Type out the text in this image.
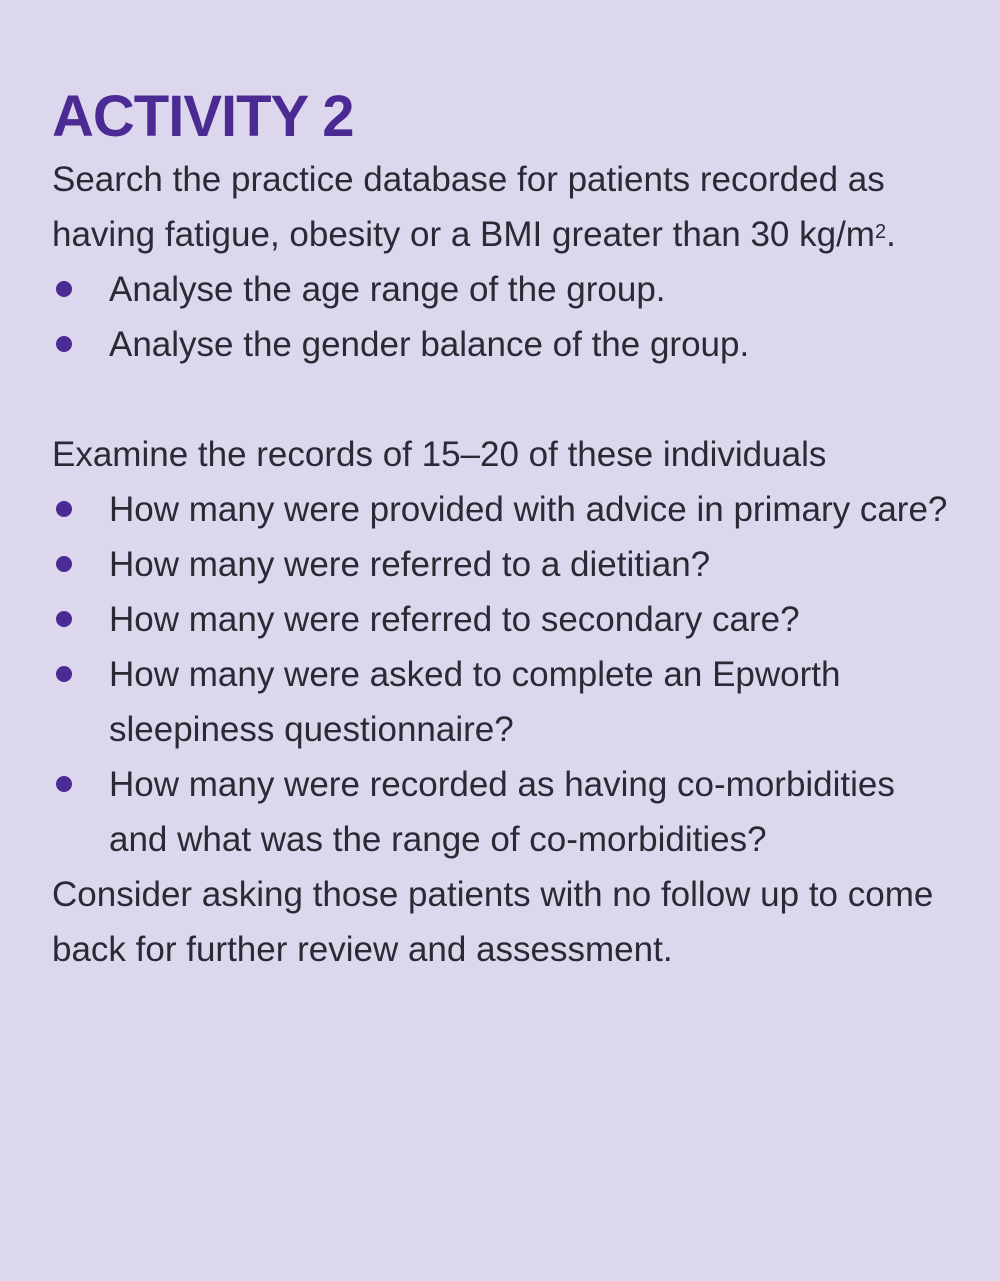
ACTIVITY 2

Search the practice database for patients recorded as having fatigue, obesity or a BMI greater than 30 $kg/m^2$.

Analyse the age range of the group.
Analyse the gender balance of the group.

Examine the records of 15–20 of these individuals

How many were provided with advice in primary care?
How many were referred to a dietitian?
How many were referred to secondary care?
How many were asked to complete an Epworth sleepiness questionnaire?
How many were recorded as having co-morbidities and what was the range of co-morbidities?

Consider asking those patients with no follow up to come back for further review and assessment.
